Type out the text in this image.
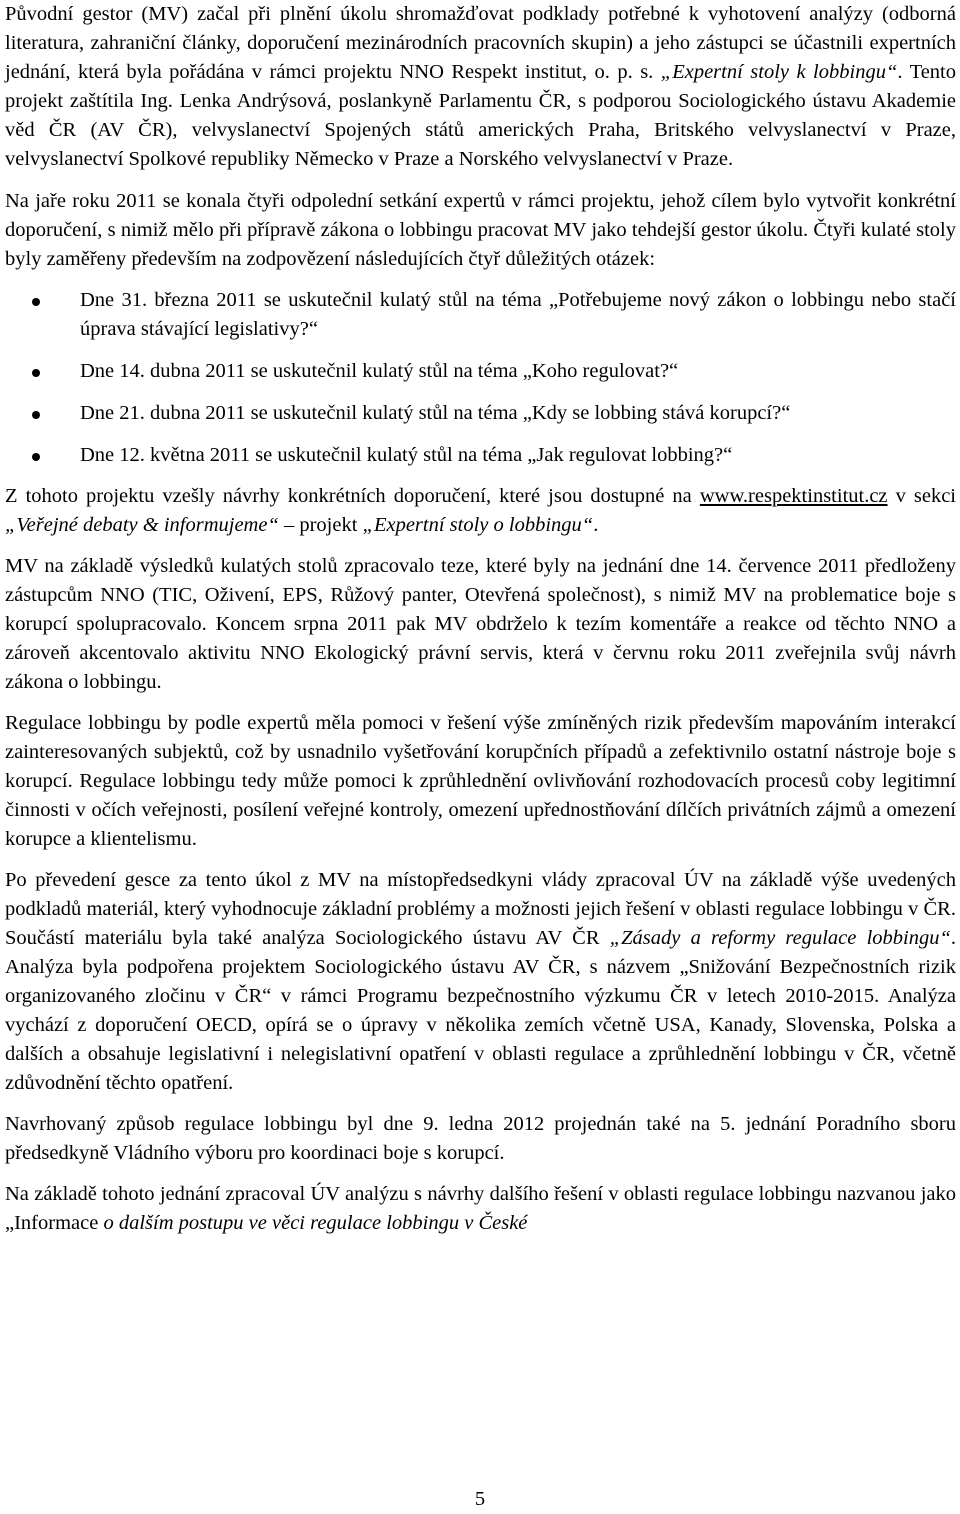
Původní gestor (MV) začal při plnění úkolu shromažďovat podklady potřebné k vyhotovení analýzy (odborná literatura, zahraniční články, doporučení mezinárodních pracovních skupin) a jeho zástupci se účastnili expertních jednání, která byla pořádána v rámci projektu NNO Respekt institut, o. p. s. „Expertní stoly k lobbingu“. Tento projekt zaštítila Ing. Lenka Andrýsová, poslankyně Parlamentu ČR, s podporou Sociologického ústavu Akademie věd ČR (AV ČR), velvyslanectví Spojených států amerických Praha, Britského velvyslanectví v Praze, velvyslanectví Spolkové republiky Německo v Praze a Norského velvyslanectví v Praze.

Na jaře roku 2011 se konala čtyři odpolední setkání expertů v rámci projektu, jehož cílem bylo vytvořit konkrétní doporučení, s nimiž mělo při přípravě zákona o lobbingu pracovat MV jako tehdejší gestor úkolu. Čtyři kulaté stoly byly zaměřeny především na zodpovězení následujících čtyř důležitých otázek:

Dne 31. března 2011 se uskutečnil kulatý stůl na téma „Potřebujeme nový zákon o lobbingu nebo stačí úprava stávající legislativy?“
Dne 14. dubna 2011 se uskutečnil kulatý stůl na téma „Koho regulovat?“
Dne 21. dubna 2011 se uskutečnil kulatý stůl na téma „Kdy se lobbing stává korupcí?“
Dne 12. května 2011 se uskutečnil kulatý stůl na téma „Jak regulovat lobbing?“

Z tohoto projektu vzešly návrhy konkrétních doporučení, které jsou dostupné na www.respektinstitut.cz v sekci „Veřejné debaty & informujeme“ – projekt „Expertní stoly o lobbingu“.

MV na základě výsledků kulatých stolů zpracovalo teze, které byly na jednání dne 14. července 2011 předloženy zástupcům NNO (TIC, Oživení, EPS, Růžový panter, Otevřená společnost), s nimiž MV na problematice boje s korupcí spolupracovalo. Koncem srpna 2011 pak MV obdrželo k tezím komentáře a reakce od těchto NNO a zároveň akcentovalo aktivitu NNO Ekologický právní servis, která v červnu roku 2011 zveřejnila svůj návrh zákona o lobbingu.

Regulace lobbingu by podle expertů měla pomoci v řešení výše zmíněných rizik především mapováním interakcí zainteresovaných subjektů, což by usnadnilo vyšetřování korupčních případů a zefektivnilo ostatní nástroje boje s korupcí. Regulace lobbingu tedy může pomoci k zprůhlednění ovlivňování rozhodovacích procesů coby legitimní činnosti v očích veřejnosti, posílení veřejné kontroly, omezení upřednostňování dílčích privátních zájmů a omezení korupce a klientelismu.

Po převedení gesce za tento úkol z MV na místopředsedkyni vlády zpracoval ÚV na základě výše uvedených podkladů materiál, který vyhodnocuje základní problémy a možnosti jejich řešení v oblasti regulace lobbingu v ČR. Součástí materiálu byla také analýza Sociologického ústavu AV ČR „Zásady a reformy regulace lobbingu“. Analýza byla podpořena projektem Sociologického ústavu AV ČR, s názvem „Snižování Bezpečnostních rizik organizovaného zločinu v ČR“ v rámci Programu bezpečnostního výzkumu ČR v letech 2010-2015. Analýza vychází z doporučení OECD, opírá se o úpravy v několika zemích včetně USA, Kanady, Slovenska, Polska a dalších a obsahuje legislativní i nelegislativní opatření v oblasti regulace a zprůhlednění lobbingu v ČR, včetně zdůvodnění těchto opatření.

Navrhovaný způsob regulace lobbingu byl dne 9. ledna 2012 projednán také na 5. jednání Poradního sboru předsedkyně Vládního výboru pro koordinaci boje s korupcí.

Na základě tohoto jednání zpracoval ÚV analýzu s návrhy dalšího řešení v oblasti regulace lobbingu nazvanou jako „Informace o dalším postupu ve věci regulace lobbingu v České

5
